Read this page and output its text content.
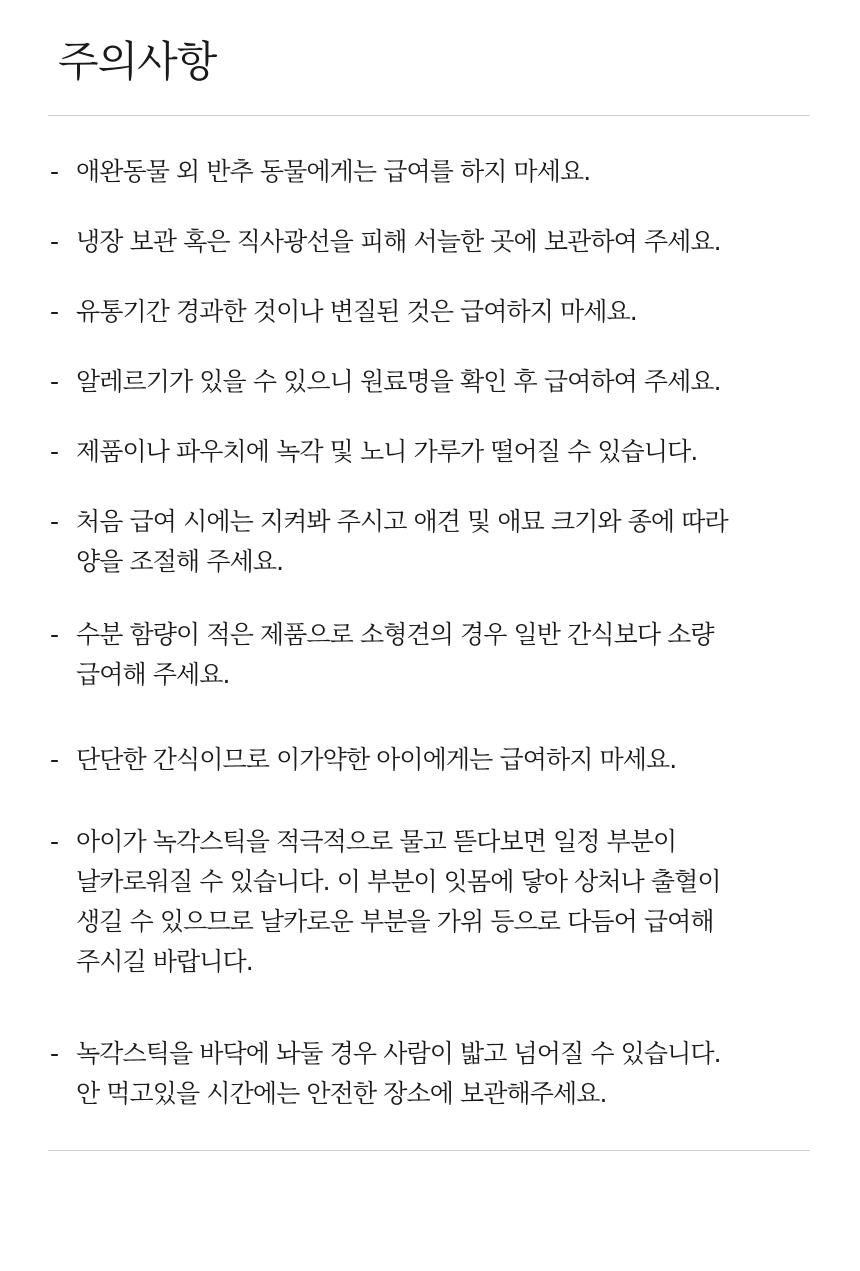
주의사항
- 애완동물 외 반추 동물에게는 급여를 하지 마세요.
- 냉장 보관 혹은 직사광선을 피해 서늘한 곳에 보관하여 주세요.
- 유통기간 경과한 것이나 변질된 것은 급여하지 마세요.
- 알레르기가 있을 수 있으니 원료명을 확인 후 급여하여 주세요.
- 제품이나 파우치에 녹각 및 노니 가루가 떨어질 수 있습니다.
- 처음 급여 시에는 지켜봐 주시고 애견 및 애묘 크기와 종에 따라
양을 조절해 주세요.
- 수분 함량이 적은 제품으로 소형견의 경우 일반 간식보다 소량
급여해 주세요.
- 단단한 간식이므로 이가약한 아이에게는 급여하지 마세요.
- 아이가 녹각스틱을 적극적으로 물고 뜯다보면 일정 부분이
날카로워질 수 있습니다. 이 부분이 잇몸에 닿아 상처나 출혈이
생길 수 있으므로 날카로운 부분을 가위 등으로 다듬어 급여해
주시길 바랍니다.
- 녹각스틱을 바닥에 놔둘 경우 사람이 밟고 넘어질 수 있습니다.
안 먹고있을 시간에는 안전한 장소에 보관해주세요.
